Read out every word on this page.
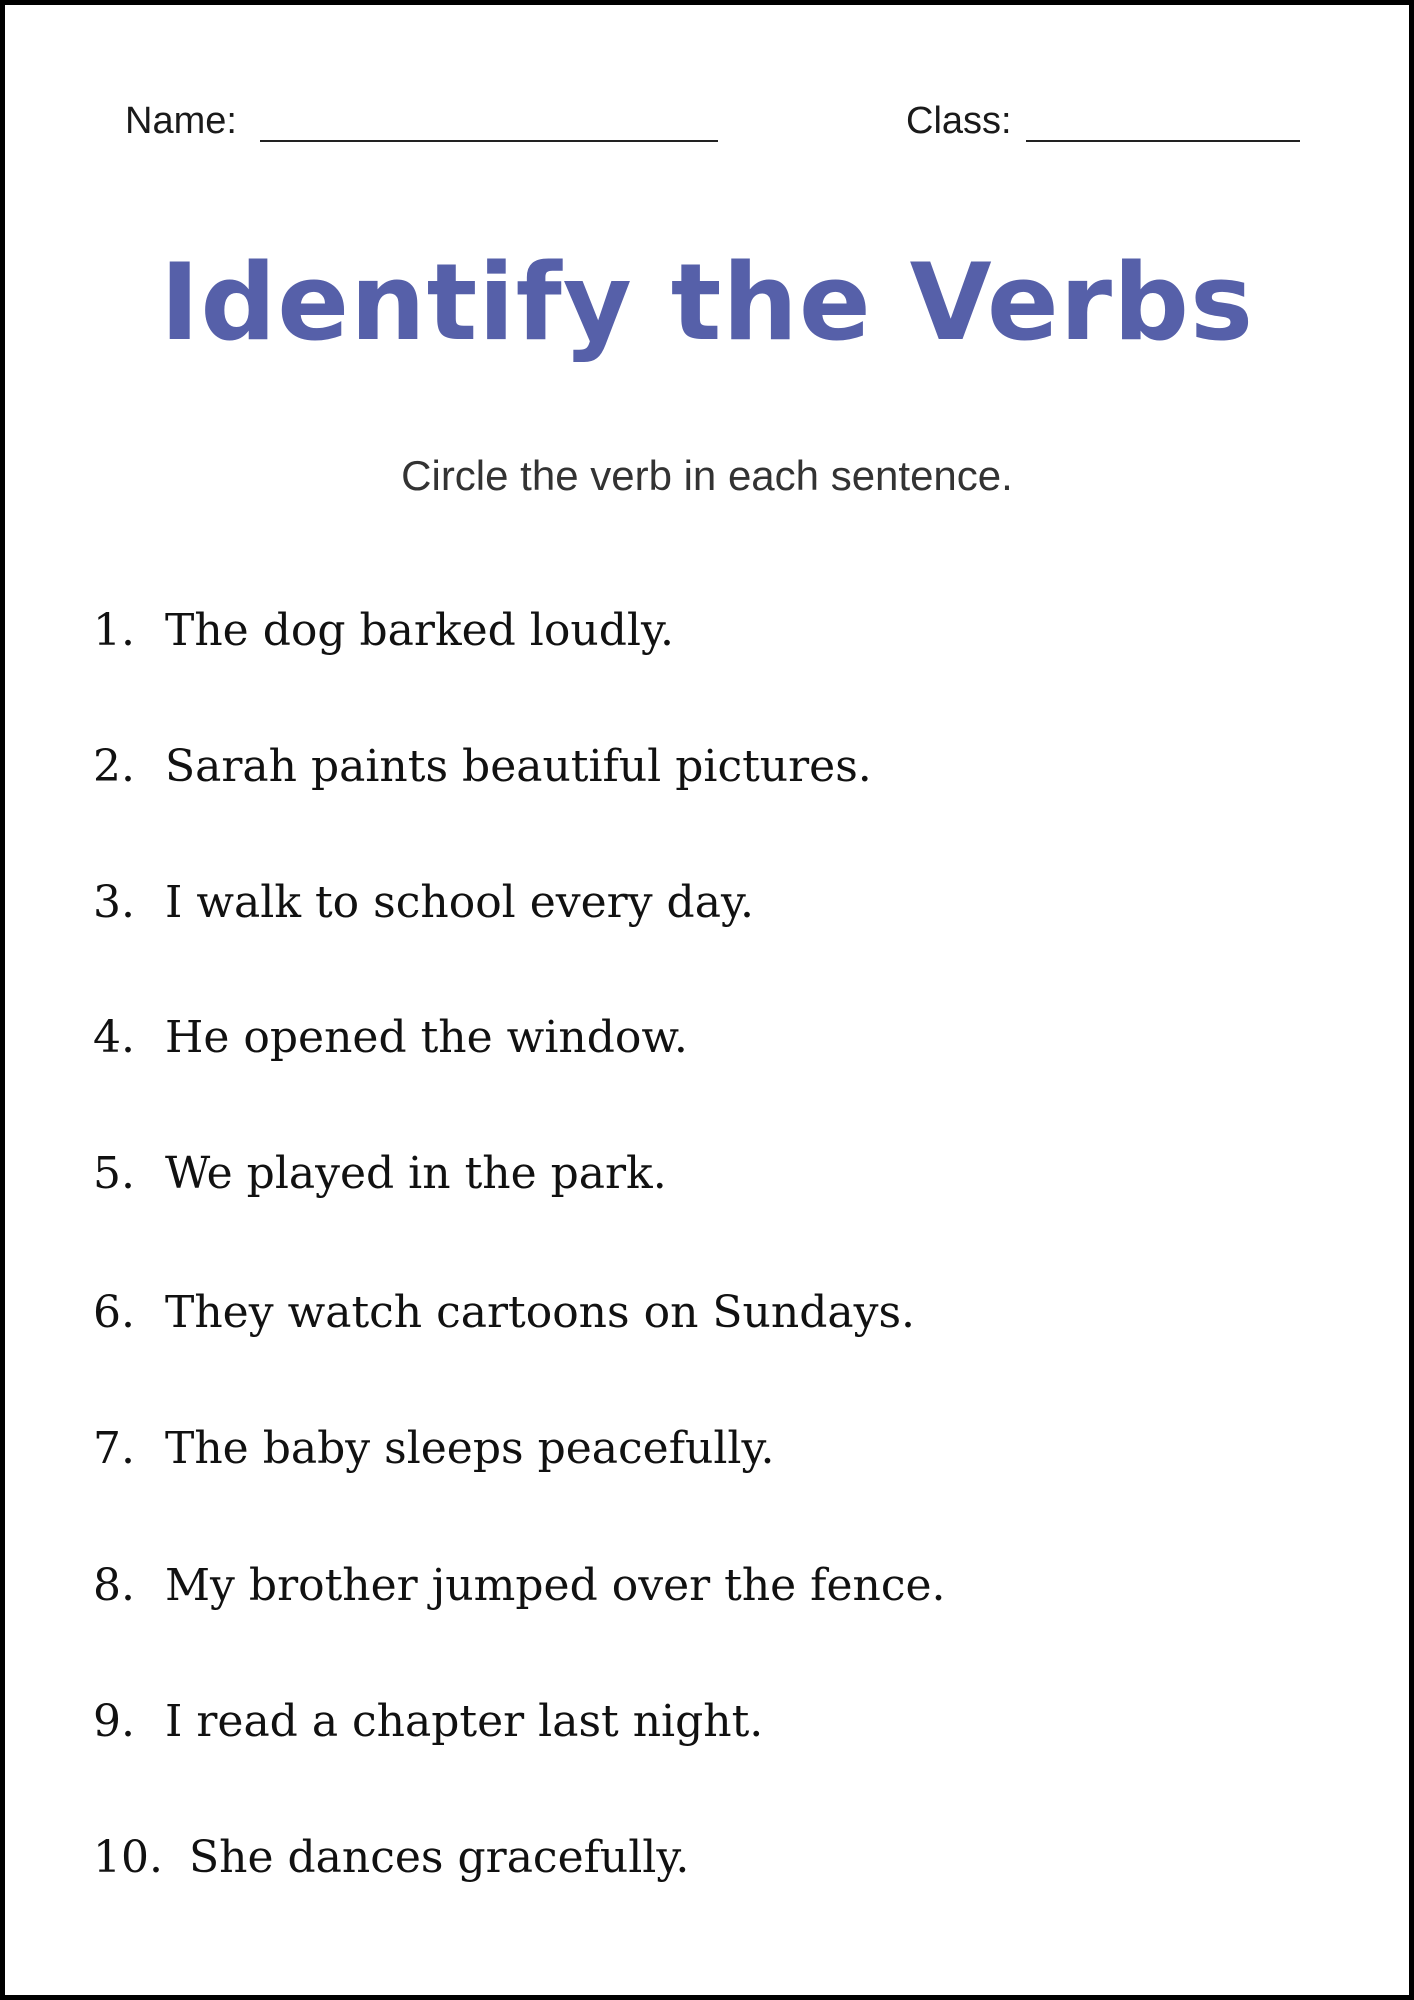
Name:	Class:
Identify the Verbs

Circle the verb in each sentence.

1. The dog barked loudly.
2. Sarah paints beautiful pictures.
3. I walk to school every day.
4. He opened the window.
5. We played in the park.
6. They watch cartoons on Sundays.
7. The baby sleeps peacefully.
8. My brother jumped over the fence.
9. I read a chapter last night.
10. She dances gracefully.
